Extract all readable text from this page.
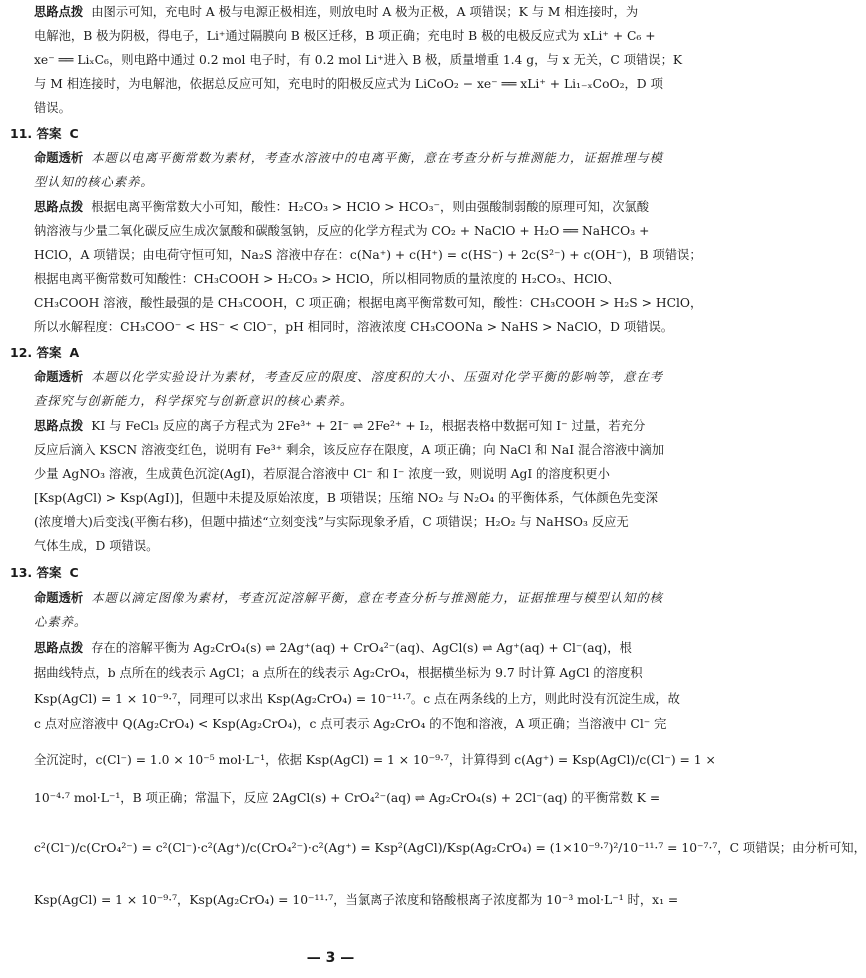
思路点拨 由图示可知，充电时 A 极与电源正极相连，则放电时 A 极为正极，A 项错误；K 与 M 相连接时，为
电解池，B 极为阴极，得电子，Li⁺通过隔膜向 B 极区迁移，B 项正确；充电时 B 极的电极反应式为 xLi⁺ + C₆ +
xe⁻ ══ LiₓC₆，则电路中通过 0.2 mol 电子时，有 0.2 mol Li⁺进入 B 极，质量增重 1.4 g，与 x 无关，C 项错误；K
与 M 相连接时，为电解池，依据总反应可知，充电时的阳极反应式为 LiCoO₂ − xe⁻ ══ xLi⁺ + Li₁₋ₓCoO₂，D 项
错误。
11. 答案 C
命题透析 本题以电离平衡常数为素材，考查水溶液中的电离平衡，意在考查分析与推测能力，证据推理与模
型认知的核心素养。
思路点拨 根据电离平衡常数大小可知，酸性：H₂CO₃ > HClO > HCO₃⁻，则由强酸制弱酸的原理可知，次氯酸
钠溶液与少量二氧化碳反应生成次氯酸和碳酸氢钠，反应的化学方程式为 CO₂ + NaClO + H₂O ══ NaHCO₃ +
HClO，A 项错误；由电荷守恒可知，Na₂S 溶液中存在：c(Na⁺) + c(H⁺) = c(HS⁻) + 2c(S²⁻) + c(OH⁻)，B 项错误；
根据电离平衡常数可知酸性：CH₃COOH > H₂CO₃ > HClO，所以相同物质的量浓度的 H₂CO₃、HClO、
CH₃COOH 溶液，酸性最强的是 CH₃COOH，C 项正确；根据电离平衡常数可知，酸性：CH₃COOH > H₂S > HClO，
所以水解程度：CH₃COO⁻ < HS⁻ < ClO⁻，pH 相同时，溶液浓度 CH₃COONa > NaHS > NaClO，D 项错误。
12. 答案 A
命题透析 本题以化学实验设计为素材，考查反应的限度、溶度积的大小、压强对化学平衡的影响等，意在考
查探究与创新能力，科学探究与创新意识的核心素养。
思路点拨 KI 与 FeCl₃ 反应的离子方程式为 2Fe³⁺ + 2I⁻ ⇌ 2Fe²⁺ + I₂，根据表格中数据可知 I⁻ 过量，若充分
反应后滴入 KSCN 溶液变红色，说明有 Fe³⁺ 剩余，该反应存在限度，A 项正确；向 NaCl 和 NaI 混合溶液中滴加
少量 AgNO₃ 溶液，生成黄色沉淀(AgI)，若原混合溶液中 Cl⁻ 和 I⁻ 浓度一致，则说明 AgI 的溶度积更小
[Ksp(AgCl) > Ksp(AgI)]，但题中未提及原始浓度，B 项错误；压缩 NO₂ 与 N₂O₄ 的平衡体系，气体颜色先变深
(浓度增大)后变浅(平衡右移)，但题中描述“立刻变浅”与实际现象矛盾，C 项错误；H₂O₂ 与 NaHSO₃ 反应无
气体生成，D 项错误。
13. 答案 C
命题透析 本题以滴定图像为素材，考查沉淀溶解平衡，意在考查分析与推测能力，证据推理与模型认知的核
心素养。
思路点拨 存在的溶解平衡为 Ag₂CrO₄(s) ⇌ 2Ag⁺(aq) + CrO₄²⁻(aq)、AgCl(s) ⇌ Ag⁺(aq) + Cl⁻(aq)，根
据曲线特点，b 点所在的线表示 AgCl；a 点所在的线表示 Ag₂CrO₄，根据横坐标为 9.7 时计算 AgCl 的溶度积
Ksp(AgCl) = 1 × 10⁻⁹·⁷，同理可以求出 Ksp(Ag₂CrO₄) = 10⁻¹¹·⁷。c 点在两条线的上方，则此时没有沉淀生成，故
c 点对应溶液中 Q(Ag₂CrO₄) < Ksp(Ag₂CrO₄)，c 点可表示 Ag₂CrO₄ 的不饱和溶液，A 项正确；当溶液中 Cl⁻ 完
全沉淀时，c(Cl⁻) = 1.0 × 10⁻⁵ mol·L⁻¹，依据 Ksp(AgCl) = 1 × 10⁻⁹·⁷，计算得到 c(Ag⁺) = Ksp(AgCl)/c(Cl⁻) = 1 ×
10⁻⁴·⁷ mol·L⁻¹，B 项正确；常温下，反应 2AgCl(s) + CrO₄²⁻(aq) ⇌ Ag₂CrO₄(s) + 2Cl⁻(aq) 的平衡常数 K =
c²(Cl⁻)/c(CrO₄²⁻) = c²(Cl⁻)·c²(Ag⁺)/c(CrO₄²⁻)·c²(Ag⁺) = Ksp²(AgCl)/Ksp(Ag₂CrO₄) = (1×10⁻⁹·⁷)²/10⁻¹¹·⁷ = 10⁻⁷·⁷，C 项错误；由分析可知，
Ksp(AgCl) = 1 × 10⁻⁹·⁷，Ksp(Ag₂CrO₄) = 10⁻¹¹·⁷，当氯离子浓度和铬酸根离子浓度都为 10⁻³ mol·L⁻¹ 时，x₁ =
— 3 —
